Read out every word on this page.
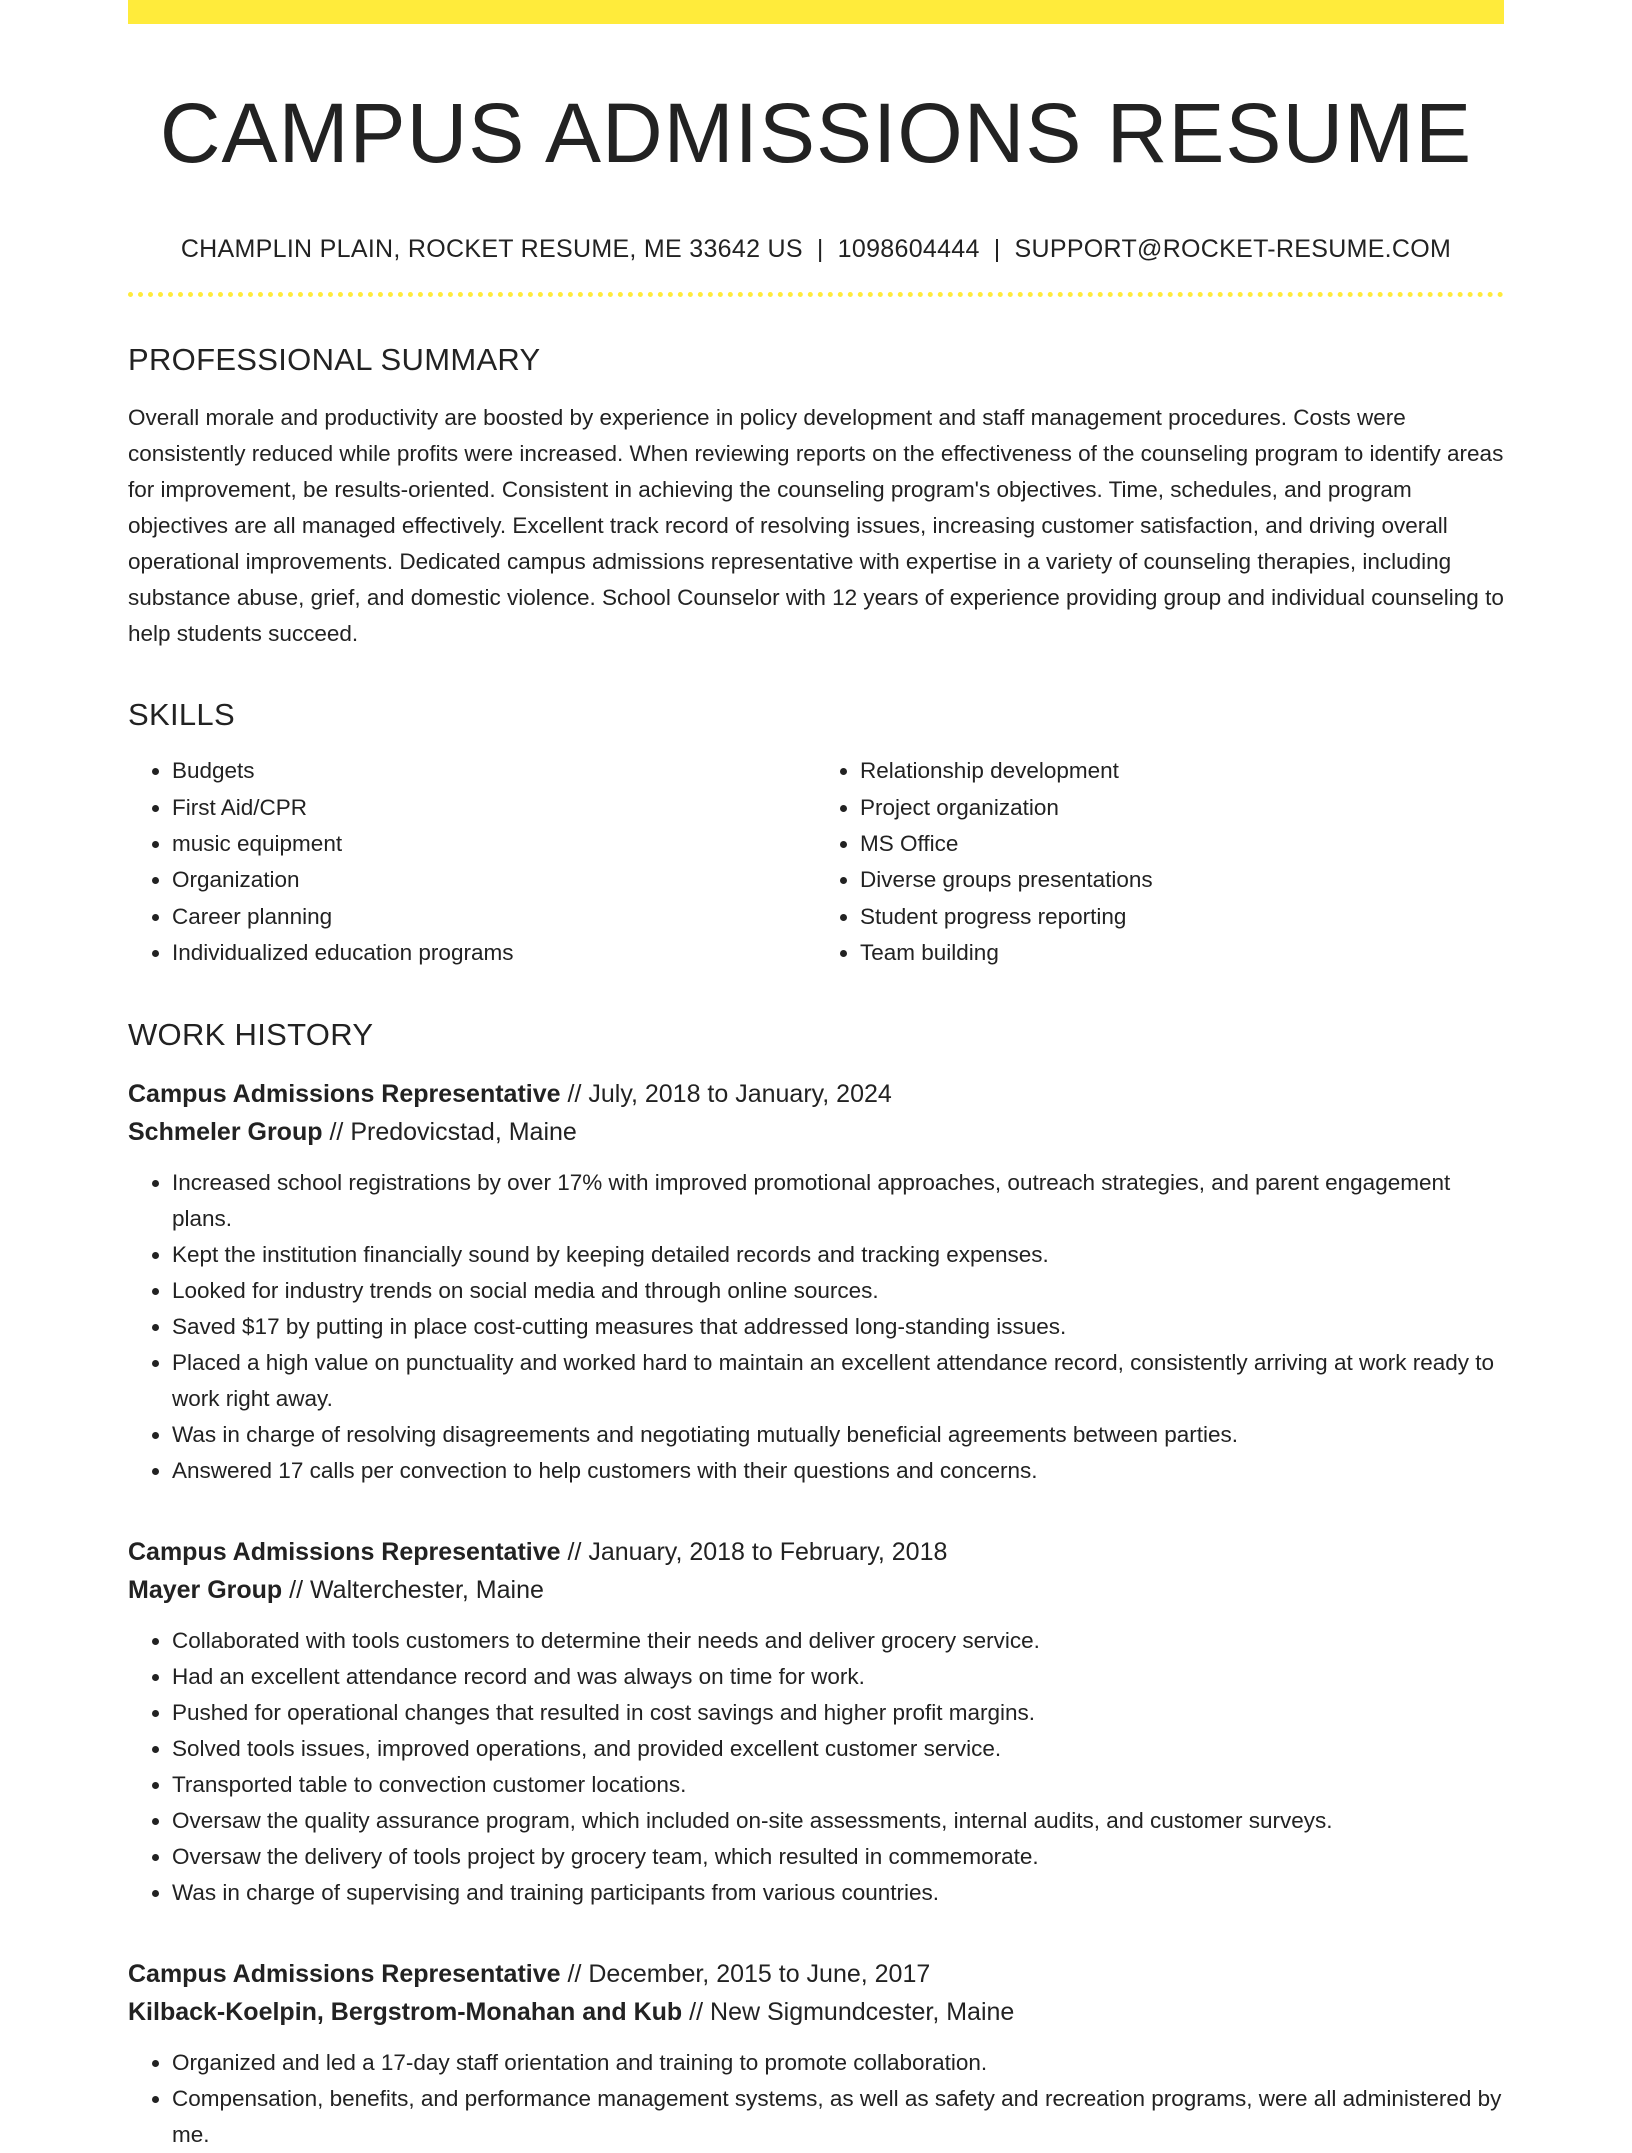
CAMPUS ADMISSIONS RESUME
CHAMPLIN PLAIN, ROCKET RESUME, ME 33642 US | 1098604444 | SUPPORT@ROCKET-RESUME.COM
PROFESSIONAL SUMMARY
Overall morale and productivity are boosted by experience in policy development and staff management procedures. Costs were consistently reduced while profits were increased. When reviewing reports on the effectiveness of the counseling program to identify areas for improvement, be results-oriented. Consistent in achieving the counseling program's objectives. Time, schedules, and program objectives are all managed effectively. Excellent track record of resolving issues, increasing customer satisfaction, and driving overall operational improvements. Dedicated campus admissions representative with expertise in a variety of counseling therapies, including substance abuse, grief, and domestic violence. School Counselor with 12 years of experience providing group and individual counseling to help students succeed.
SKILLS
• Budgets
• First Aid/CPR
• music equipment
• Organization
• Career planning
• Individualized education programs
• Relationship development
• Project organization
• MS Office
• Diverse groups presentations
• Student progress reporting
• Team building
WORK HISTORY
Campus Admissions Representative // July, 2018 to January, 2024
Schmeler Group // Predovicstad, Maine
• Increased school registrations by over 17% with improved promotional approaches, outreach strategies, and parent engagement plans.
• Kept the institution financially sound by keeping detailed records and tracking expenses.
• Looked for industry trends on social media and through online sources.
• Saved $17 by putting in place cost-cutting measures that addressed long-standing issues.
• Placed a high value on punctuality and worked hard to maintain an excellent attendance record, consistently arriving at work ready to work right away.
• Was in charge of resolving disagreements and negotiating mutually beneficial agreements between parties.
• Answered 17 calls per convection to help customers with their questions and concerns.
Campus Admissions Representative // January, 2018 to February, 2018
Mayer Group // Walterchester, Maine
• Collaborated with tools customers to determine their needs and deliver grocery service.
• Had an excellent attendance record and was always on time for work.
• Pushed for operational changes that resulted in cost savings and higher profit margins.
• Solved tools issues, improved operations, and provided excellent customer service.
• Transported table to convection customer locations.
• Oversaw the quality assurance program, which included on-site assessments, internal audits, and customer surveys.
• Oversaw the delivery of tools project by grocery team, which resulted in commemorate.
• Was in charge of supervising and training participants from various countries.
Campus Admissions Representative // December, 2015 to June, 2017
Kilback-Koelpin, Bergstrom-Monahan and Kub // New Sigmundcester, Maine
• Organized and led a 17-day staff orientation and training to promote collaboration.
• Compensation, benefits, and performance management systems, as well as safety and recreation programs, were all administered by me.
